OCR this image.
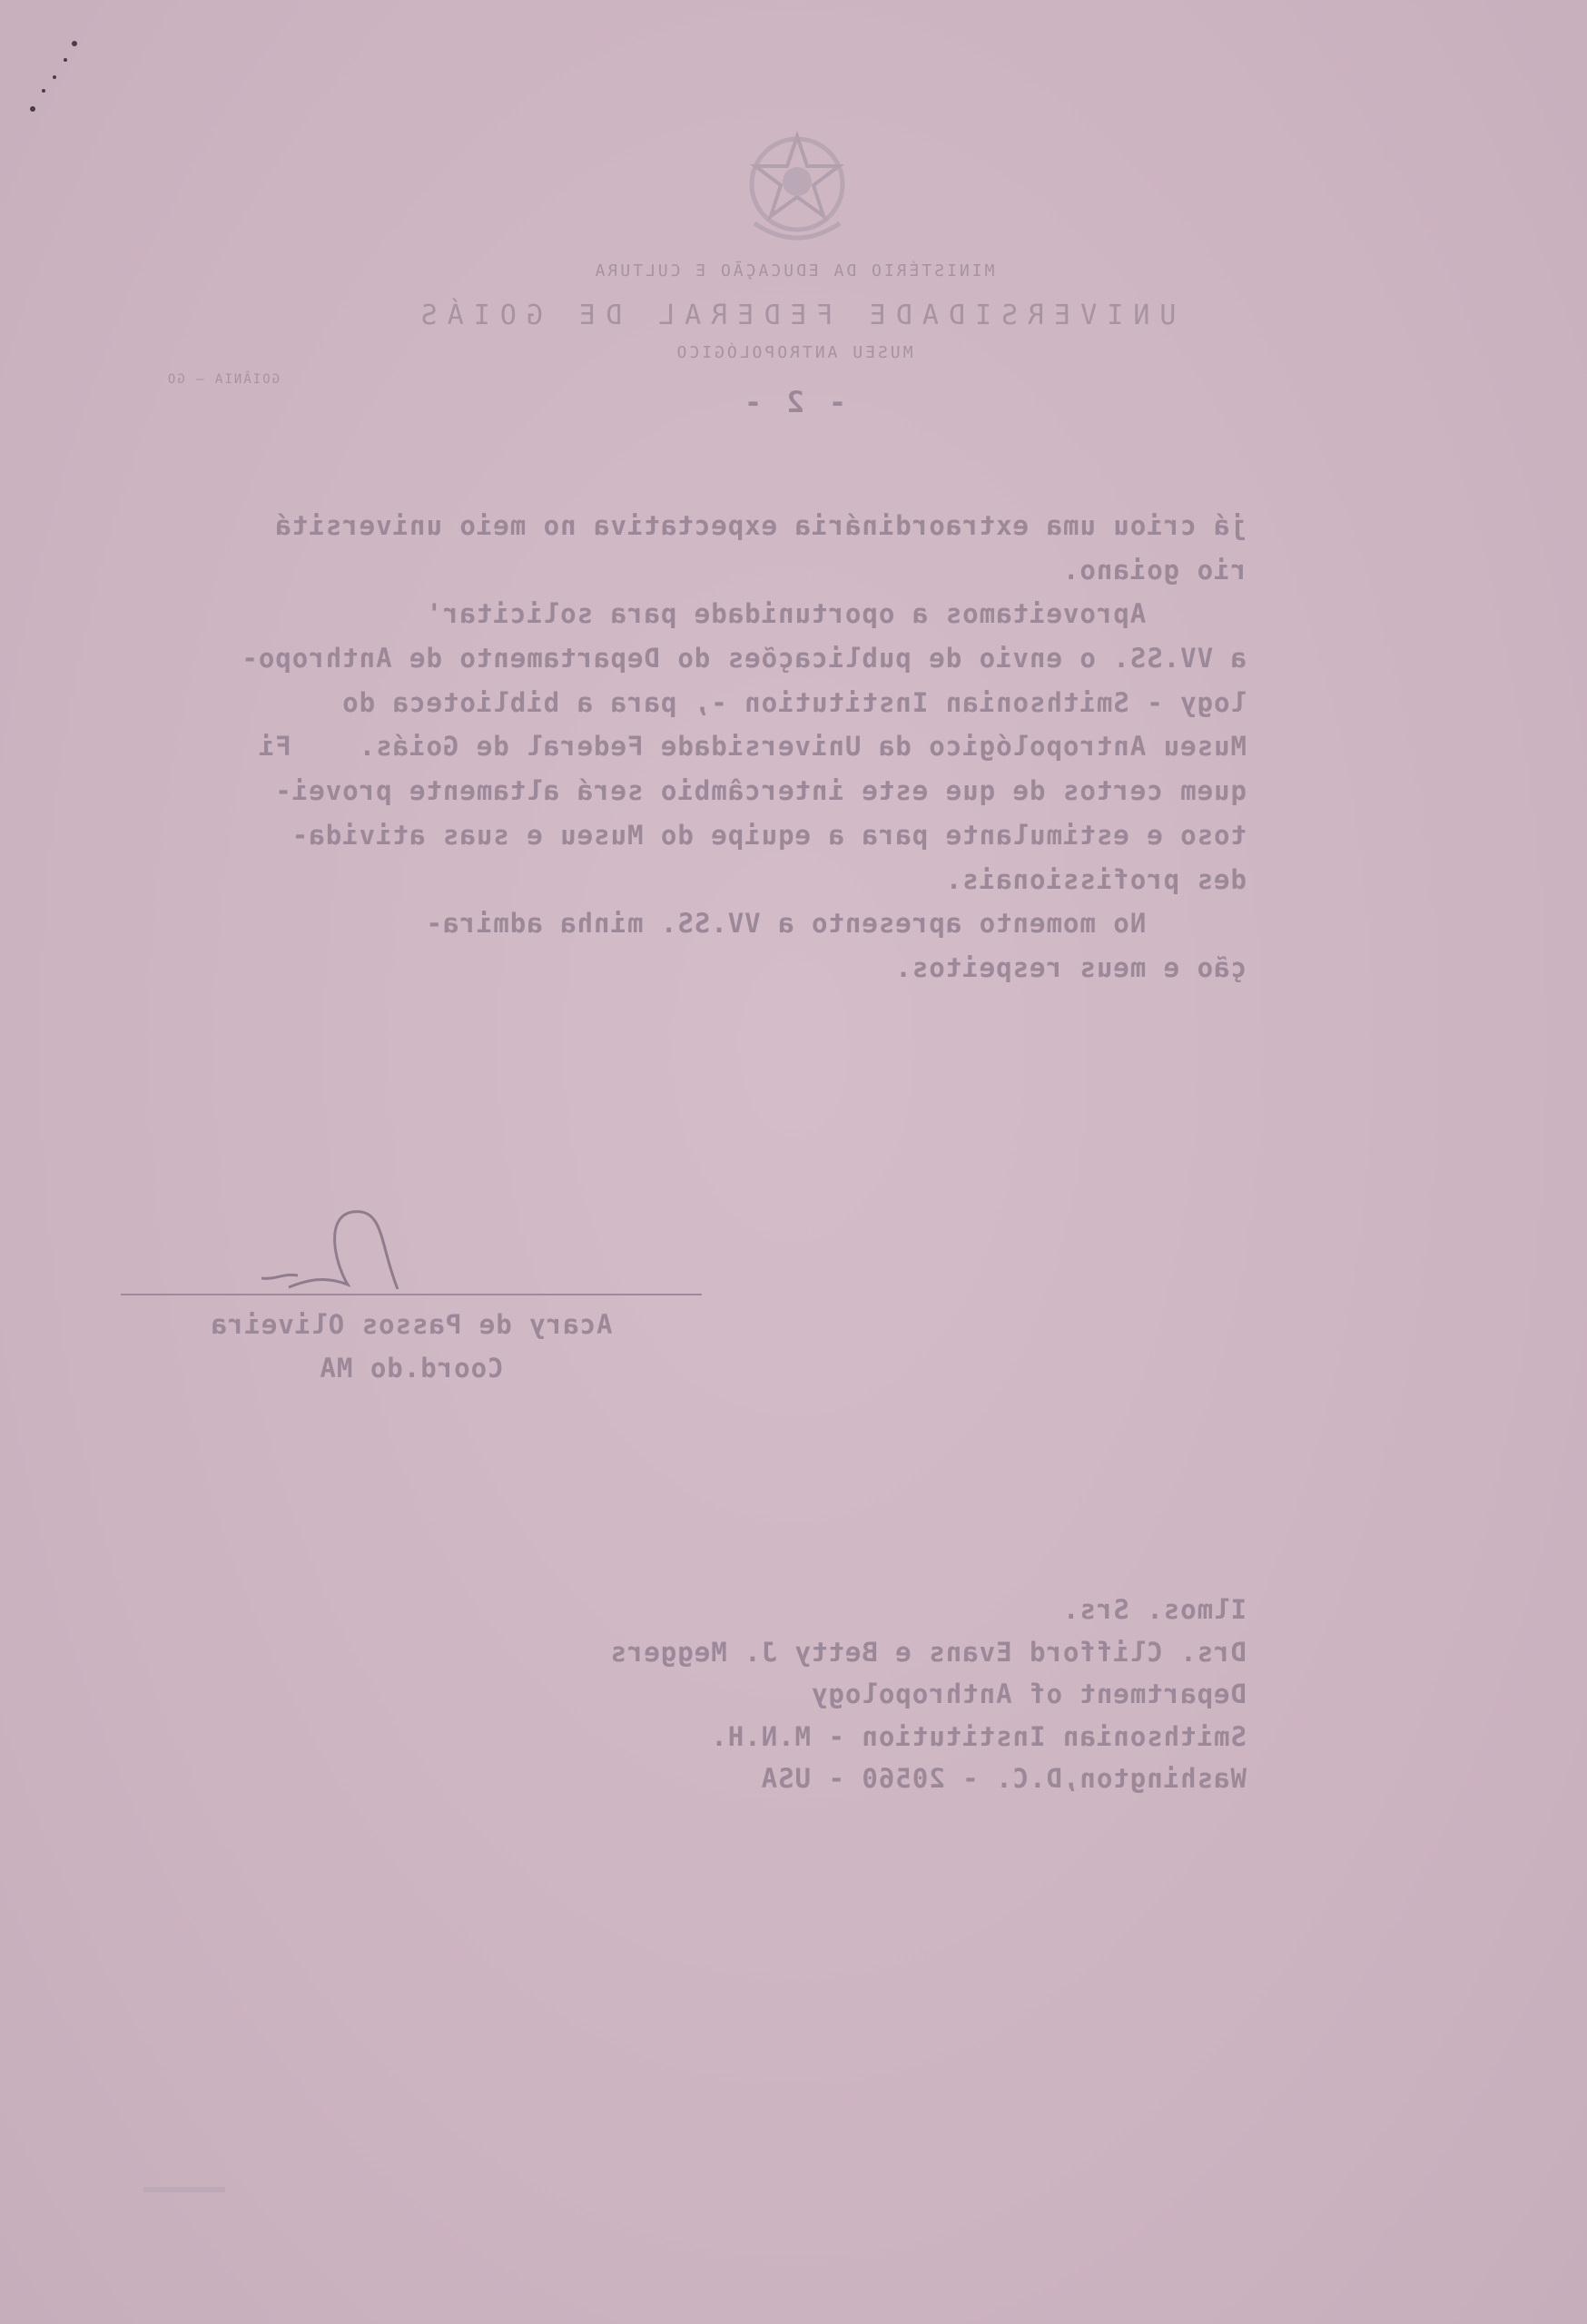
MINISTÉRIO DA EDUCAÇÃO E CULTURA
UNIVERSIDADE FEDERAL DE GOIÁS
MUSEU ANTROPOLÓGICO
GOIÂNIA — GO
- 2 -
já criou uma extraordinária expectativa no meio universitá
rio goiano.
Aproveitamos a oportunidade para solicitar'
a VV.SS. o envio de publicações do Departamento de Anthropo-
logy - Smithsonian Institution -, para a biblioteca do
Museu Antropológico da Universidade Federal de Goiás.    Fi
quem certos de que este intercâmbio será altamente provei-
toso e estimulante para a equipe do Museu e suas ativida-
des profissionais.
No momento apresento a VV.SS. minha admira-
ção e meus respeitos.
Acary de Passos Oliveira
Coord.do MA
Ilmos. Srs.
Drs. Clifford Evans e Betty J. Meggers
Department of Anthropology
Smithsonian Institution - M.N.H.
Washington,D.C. - 20560 - USA
